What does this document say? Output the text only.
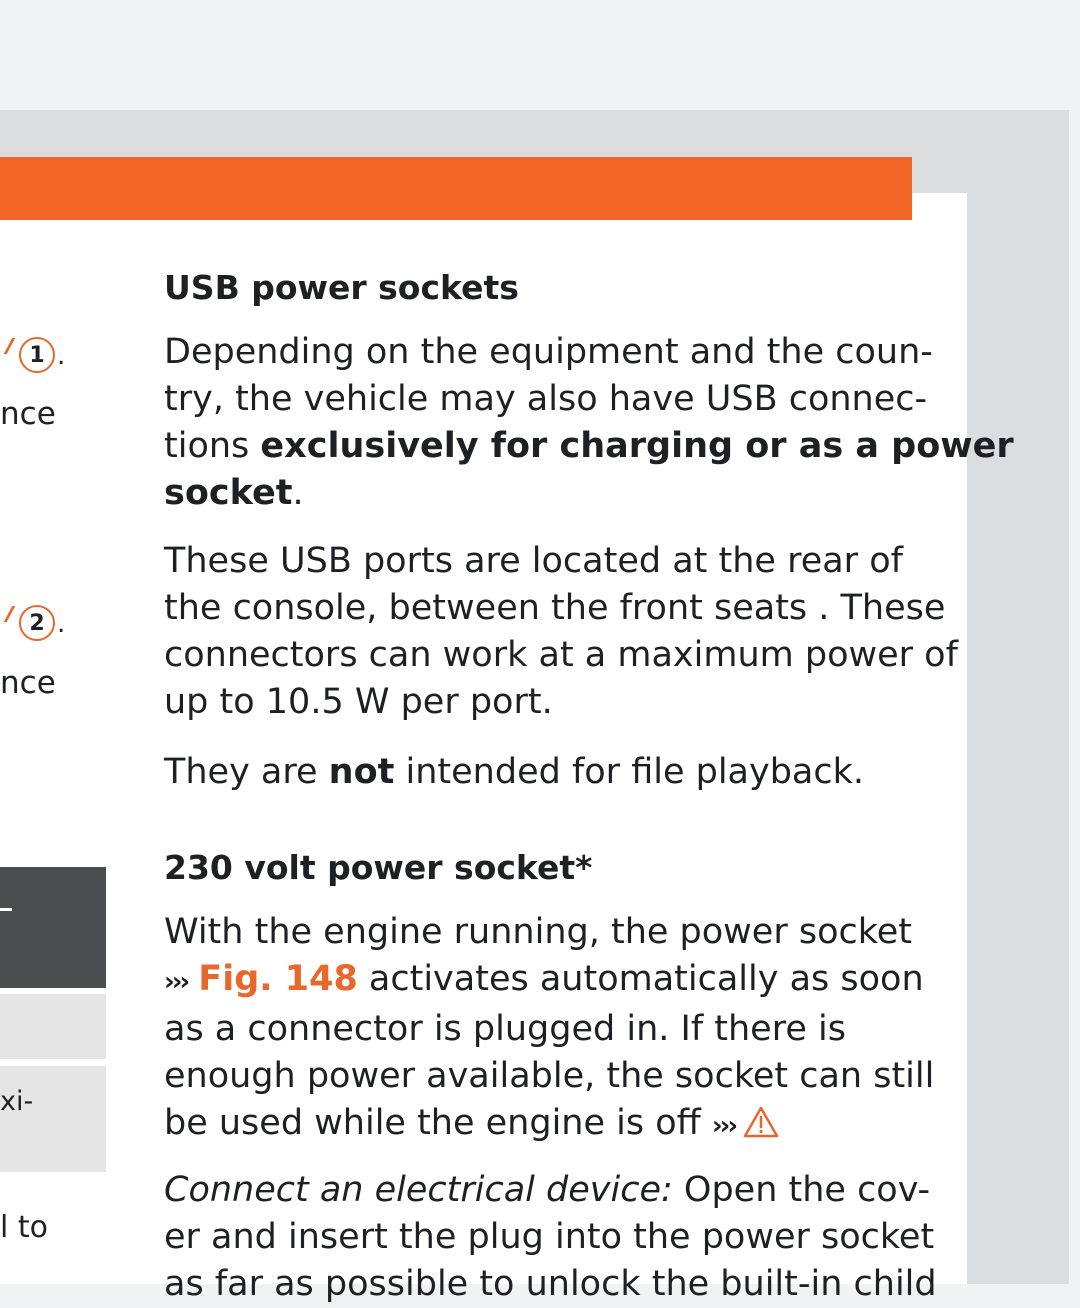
1 .
nce
2 .
nce
xi-
l to
USB power sockets

Depending on the equipment and the coun-
try, the vehicle may also have USB connec-
tions exclusively for charging or as a power
socket.

These USB ports are located at the rear of
the console, between the front seats . These
connectors can work at a maximum power of
up to 10.5 W per port.

They are not intended for file playback.

230 volt power socket*

With the engine running, the power socket
››› Fig. 148 activates automatically as soon
as a connector is plugged in. If there is
enough power available, the socket can still
be used while the engine is off ›››

Connect an electrical device: Open the cov-
er and insert the plug into the power socket
as far as possible to unlock the built-in child
